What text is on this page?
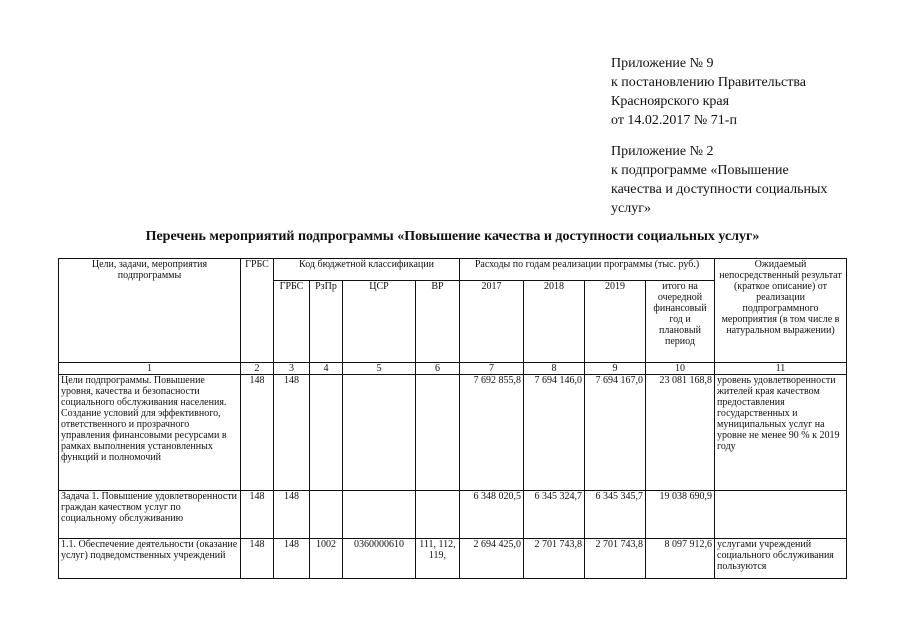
Приложение № 9
к постановлению Правительства
Красноярского края
от 14.02.2017 № 71-п
Приложение № 2
к подпрограмме «Повышение
качества и доступности социальных
услуг»
Перечень мероприятий подпрограммы «Повышение качества и доступности социальных услуг»
Цели, задачи, мероприятия подпрограммы	ГРБС	Код бюджетной классификации				Расходы по годам реализации программы (тыс. руб.)				Ожидаемый непосредственный результат (краткое описание) от реализации подпрограммного мероприятия (в том числе в натуральном выражении)
		ГРБС	РзПр	ЦСР	ВР	2017	2018	2019	итого на очередной финансовый год и плановый период	
1	2	3	4	5	6	7	8	9	10	11
Цели подпрограммы. Повышение уровня, качества и безопасности социального обслуживания населения. Создание условий для эффективного, ответственного и прозрачного управления финансовыми ресурсами в рамках выполнения установленных функций и полномочий	148	148				7 692 855,8	7 694 146,0	7 694 167,0	23 081 168,8	уровень удовлетворенности жителей края качеством предоставления государственных и муниципальных услуг на уровне не менее 90 % к 2019 году
Задача 1. Повышение удовлетворенности граждан качеством услуг по социальному обслуживанию	148	148				6 348 020,5	6 345 324,7	6 345 345,7	19 038 690,9	
1.1. Обеспечение деятельности (оказание услуг) подведомственных учреждений	148	148	1002	0360000610	111, 112, 119,	2 694 425,0	2 701 743,8	2 701 743,8	8 097 912,6	услугами учреждений социального обслуживания пользуются
